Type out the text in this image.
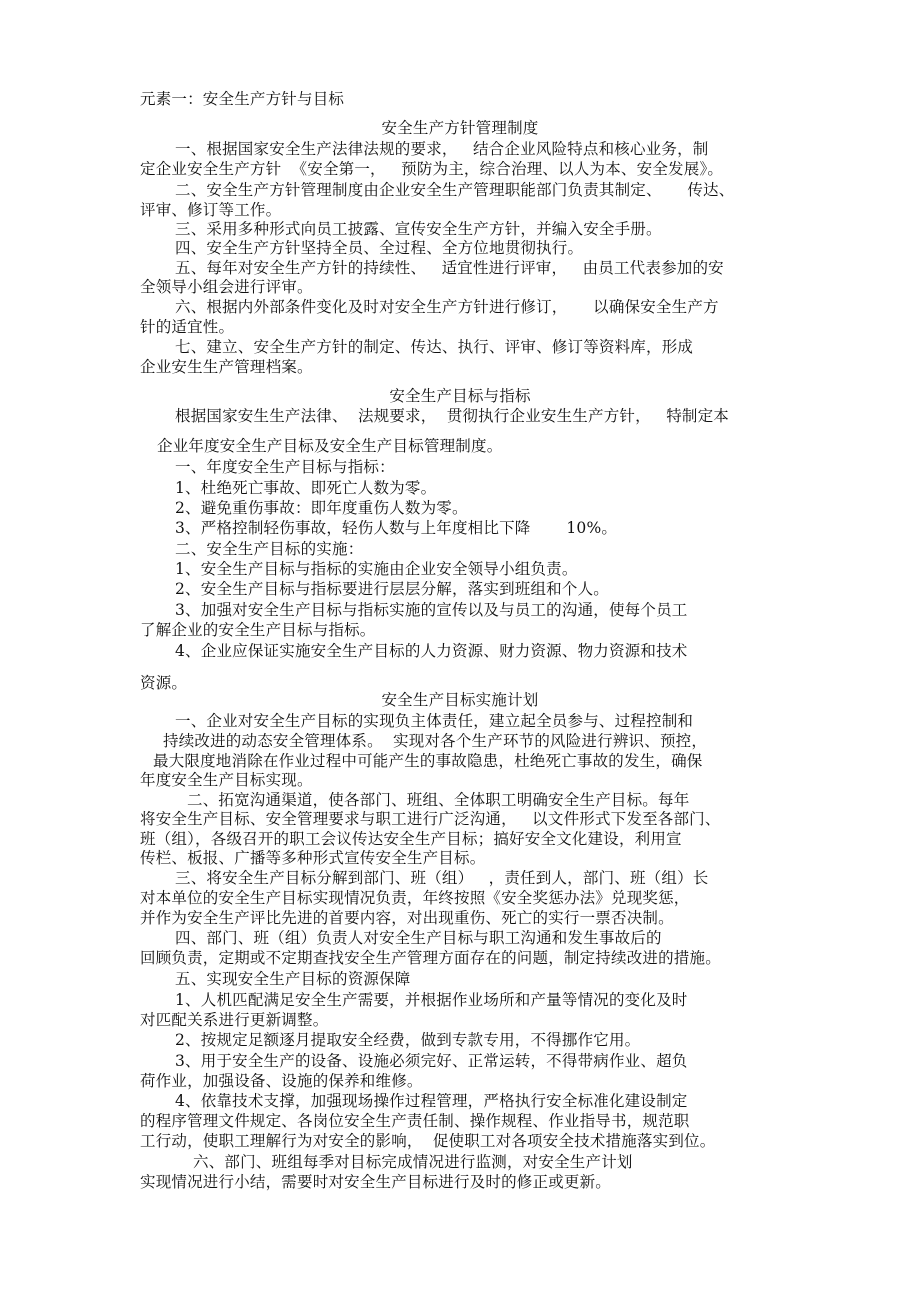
元素一：安全生产方针与目标
安全生产方针管理制度
一、根据国家安全生产法律法规的要求，   结合企业风险特点和核心业务，制
定企业安全生产方针  《安全第一，   预防为主，综合治理、以人为本、安全发展》。
二、安全生产方针管理制度由企业安全生产管理职能部门负责其制定、     传达、
评审、修订等工作。
三、采用多种形式向员工披露、宣传安全生产方针，并编入安全手册。
四、安全生产方针坚持全员、全过程、全方位地贯彻执行。
五、每年对安全生产方针的持续性、   适宜性进行评审，   由员工代表参加的安
全领导小组会进行评审。
六、根据内外部条件变化及时对安全生产方针进行修订，     以确保安全生产方
针的适宜性。
七、建立、安全生产方针的制定、传达、执行、评审、修订等资料库，形成
企业安生生产管理档案。
安全生产目标与指标
根据国家安生生产法律、  法规要求，  贯彻执行企业安生生产方针，   特制定本
企业年度安全生产目标及安全生产目标管理制度。
一、年度安全生产目标与指标：
1、杜绝死亡事故、即死亡人数为零。
2、避免重伤事故：即年度重伤人数为零。
3、严格控制轻伤事故，轻伤人数与上年度相比下降       10%。
二、安全生产目标的实施：
1、安全生产目标与指标的实施由企业安全领导小组负责。
2、安全生产目标与指标要进行层层分解，落实到班组和个人。
3、加强对安全生产目标与指标实施的宣传以及与员工的沟通，使每个员工
了解企业的安全生产目标与指标。
4、企业应保证实施安全生产目标的人力资源、财力资源、物力资源和技术
资源。
安全生产目标实施计划
一、企业对安全生产目标的实现负主体责任，建立起全员参与、过程控制和
持续改进的动态安全管理体系。  实现对各个生产环节的风险进行辨识、预控，
最大限度地消除在作业过程中可能产生的事故隐患，杜绝死亡事故的发生，确保
年度安全生产目标实现。
二、拓宽沟通渠道，使各部门、班组、全体职工明确安全生产目标。每年
将安全生产目标、安全管理要求与职工进行广泛沟通，   以文件形式下发至各部门、
班（组），各级召开的职工会议传达安全生产目标；搞好安全文化建设，利用宣
传栏、板报、广播等多种形式宣传安全生产目标。
三、将安全生产目标分解到部门、班（组）   ，责任到人，部门、班（组）长
对本单位的安全生产目标实现情况负责，年终按照《安全奖惩办法》兑现奖惩，
并作为安全生产评比先进的首要内容，对出现重伤、死亡的实行一票否决制。
四、部门、班（组）负责人对安全生产目标与职工沟通和发生事故后的
回顾负责，定期或不定期查找安全生产管理方面存在的问题，制定持续改进的措施。
五、实现安全生产目标的资源保障
1、人机匹配满足安全生产需要，并根据作业场所和产量等情况的变化及时
对匹配关系进行更新调整。
2、按规定足额逐月提取安全经费，做到专款专用，不得挪作它用。
3、用于安全生产的设备、设施必须完好、正常运转，不得带病作业、超负
荷作业，加强设备、设施的保养和维修。
4、依靠技术支撑，加强现场操作过程管理，严格执行安全标准化建设制定
的程序管理文件规定、各岗位安全生产责任制、操作规程、作业指导书，规范职
工行动，使职工理解行为对安全的影响，  促使职工对各项安全技术措施落实到位。
六、部门、班组每季对目标完成情况进行监测，对安全生产计划
实现情况进行小结，需要时对安全生产目标进行及时的修正或更新。
